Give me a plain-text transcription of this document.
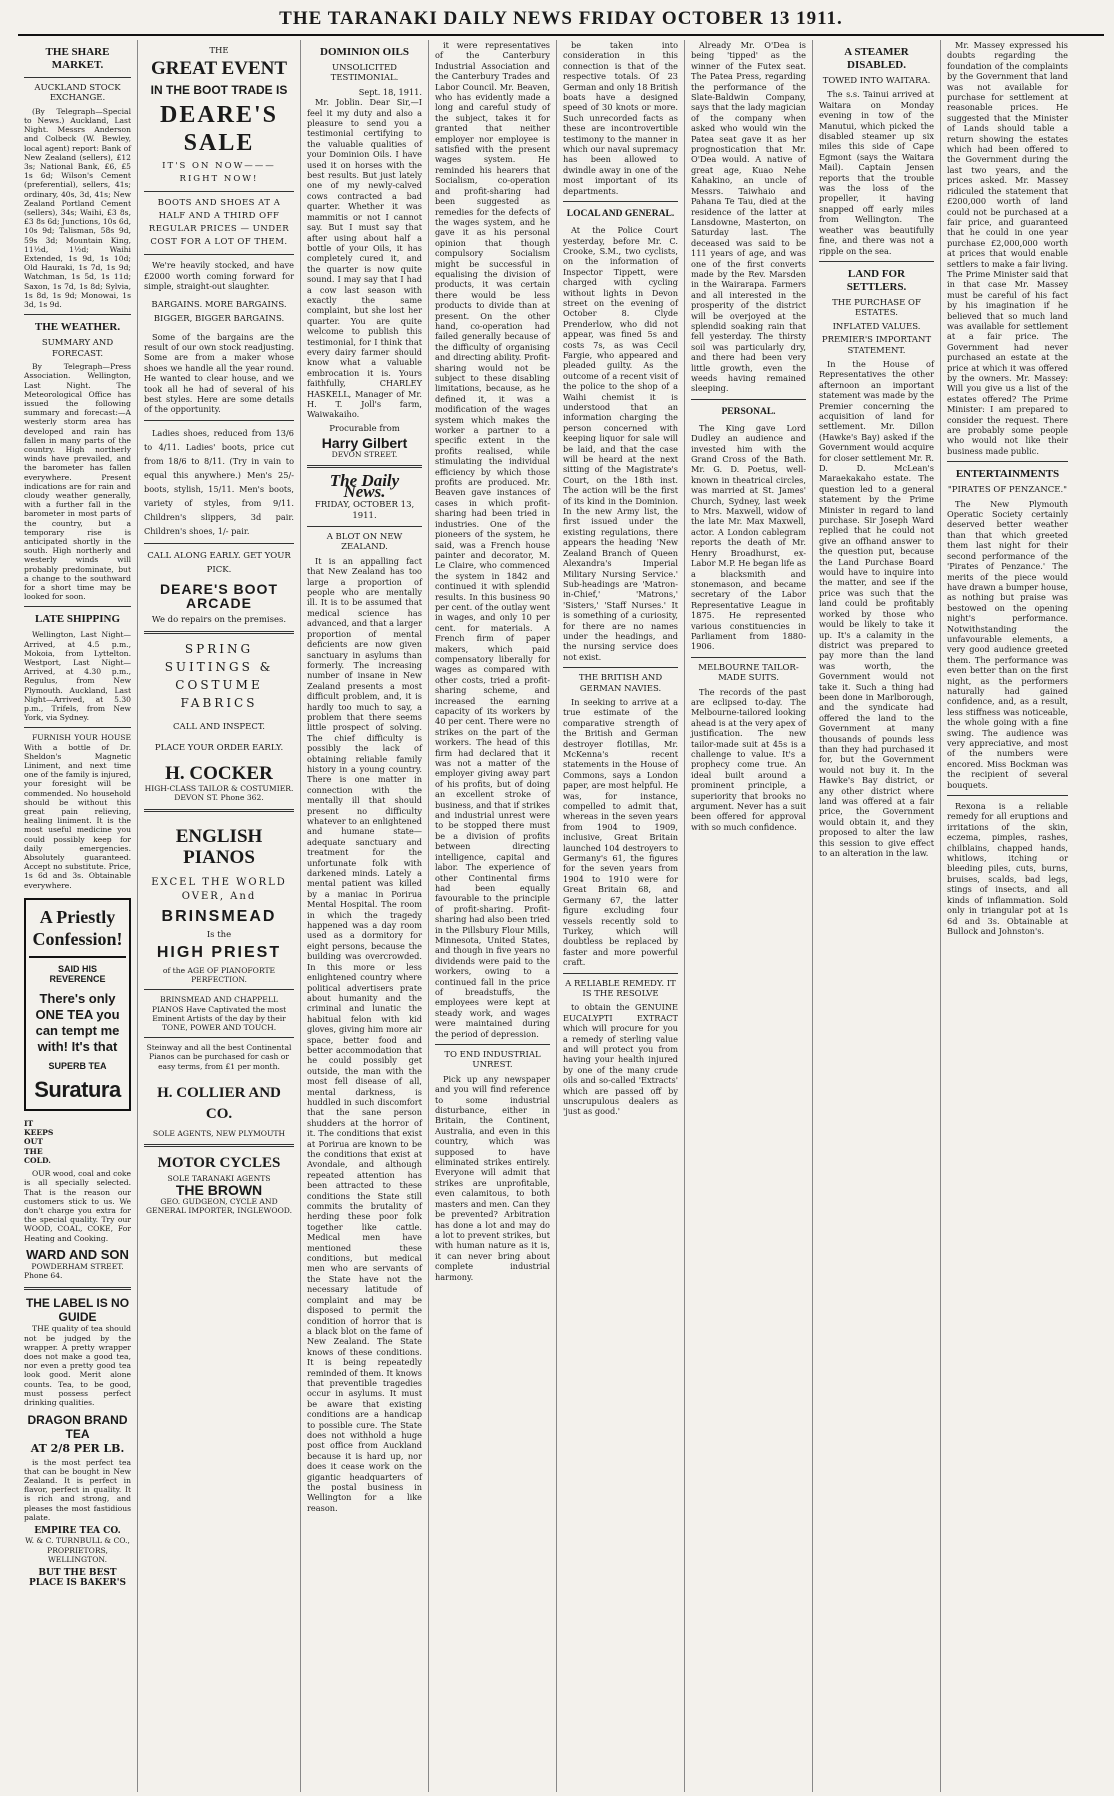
THE TARANAKI DAILY NEWS FRIDAY OCTOBER 13 1911.
THE SHARE MARKET.
AUCKLAND STOCK EXCHANGE.

(By Telegraph—Special to News.) Auckland, Last Night. Messrs Anderson and Colbeck (W. Bewley, local agent) report: Bank of New Zealand (sellers), £12 3s; National Bank, £6, £5 1s 6d; Wilson's Cement (preferential), sellers, 41s; ordinary, 40s, 3d, 41s; New Zealand Portland Cement (sellers), 34s; Waihi, £3 8s, £3 8s 6d; Junctions, 10s 6d, 10s 9d; Talisman, 58s 9d, 59s 3d; Mountain King, 11½d, 1½d; Waihi Extended, 1s 9d, 1s 10d; Old Hauraki, 1s 7d, 1s 9d; Watchman, 1s 5d, 1s 11d; Saxon, 1s 7d, 1s 8d; Sylvia, 1s 8d, 1s 9d; Monowai, 1s 3d, 1s 9d.

THE WEATHER.
SUMMARY AND FORECAST.

By Telegraph—Press Association. Wellington, Last Night. The Meteorological Office has issued the following summary and forecast:—A westerly storm area has developed and rain has fallen in many parts of the country. High northerly winds have prevailed, and the barometer has fallen everywhere. Present indications are for rain and cloudy weather generally, with a further fall in the barometer in most parts of the country, but a temporary rise is anticipated shortly in the south. High northerly and westerly winds will probably predominate, but a change to the southward for a short time may be looked for soon.

LATE SHIPPING

Wellington, Last Night—Arrived, at 4.5 p.m., Mokoia, from Lyttelton. Westport, Last Night—Arrived, at 4.30 p.m., Regulus, from New Plymouth. Auckland, Last Night—Arrived, at 5.30 p.m., Trifels, from New York, via Sydney.

FURNISH YOUR HOUSE With a bottle of Dr. Sheldon's Magnetic Liniment, and next time one of the family is injured, your foresight will be commended. No household should be without this great pain relieving, healing liniment. It is the most useful medicine you could possibly keep for daily emergencies. Absolutely guaranteed. Accept no substitute. Price, 1s 6d and 3s. Obtainable everywhere.

A Priestly Confession!
SAID HIS REVERENCE
There's only ONE TEA you can tempt me with! It's that
SUPERB TEA
Suratura
IT KEEPS OUT THE COLD.

OUR wood, coal and coke is all specially selected. That is the reason our customers stick to us. We don't charge you extra for the special quality. Try our WOOD, COAL, COKE, For Heating and Cooking.

WARD AND SON
POWDERHAM STREET.
Phone 64.
THE LABEL IS NO GUIDE

THE quality of tea should not be judged by the wrapper. A pretty wrapper does not make a good tea, nor even a pretty good tea look good. Merit alone counts. Tea, to be good, must possess perfect drinking qualities.

DRAGON BRAND TEA
AT 2/8 PER LB.

is the most perfect tea that can be bought in New Zealand. It is perfect in flavor, perfect in quality. It is rich and strong, and pleases the most fastidious palate.

EMPIRE TEA CO.
W. & C. TURNBULL & CO., PROPRIETORS, WELLINGTON.
BUT THE BEST PLACE IS BAKER'S
THE
GREAT EVENT
IN THE BOOT TRADE IS
DEARE'S
SALE
IT'S ON NOW———RIGHT NOW!
BOOTS AND SHOES AT A HALF AND A THIRD OFF REGULAR PRICES — UNDER COST FOR A LOT OF THEM.

We're heavily stocked, and have £2000 worth coming forward for simple, straight-out slaughter.

BARGAINS. MORE BARGAINS. BIGGER, BIGGER BARGAINS.

Some of the bargains are the result of our own stock readjusting. Some are from a maker whose shoes we handle all the year round. He wanted to clear house, and we took all he had of several of his best styles. Here are some details of the opportunity.

Ladies shoes, reduced from 13/6 to 4/11. Ladies' boots, price cut from 18/6 to 8/11. (Try in vain to equal this anywhere.) Men's 25/- boots, stylish, 15/11. Men's boots, variety of styles, from 9/11. Children's slippers, 3d pair. Children's shoes, 1/- pair.

CALL ALONG EARLY. GET YOUR PICK.
DEARE'S BOOT ARCADE
We do repairs on the premises.
SPRING SUITINGS & COSTUME FABRICS
CALL AND INSPECT.
PLACE YOUR ORDER EARLY.
H. COCKER
HIGH-CLASS TAILOR & COSTUMIER. DEVON ST. Phone 362.
ENGLISH PIANOS
EXCEL THE WORLD OVER, And
BRINSMEAD
Is the
HIGH PRIEST
of the AGE OF PIANOFORTE PERFECTION.
BRINSMEAD AND CHAPPELL PIANOS Have Captivated the most Eminent Artists of the day by their TONE, POWER AND TOUCH.
Steinway and all the best Continental Pianos can be purchased for cash or easy terms, from £1 per month.
H. COLLIER AND CO.
SOLE AGENTS, NEW PLYMOUTH
MOTOR CYCLES
SOLE TARANAKI AGENTS
THE BROWN
GEO. GUDGEON, CYCLE AND GENERAL IMPORTER, INGLEWOOD.
DOMINION OILS
UNSOLICITED TESTIMONIAL.
Sept. 18, 1911.

Mr. Joblin. Dear Sir,—I feel it my duty and also a pleasure to send you a testimonial certifying to the valuable qualities of your Dominion Oils. I have used it on horses with the best results. But just lately one of my newly-calved cows contracted a bad quarter. Whether it was mammitis or not I cannot say. But I must say that after using about half a bottle of your Oils, it has completely cured it, and the quarter is now quite sound. I may say that I had a cow last season with exactly the same complaint, but she lost her quarter. You are quite welcome to publish this testimonial, for I think that every dairy farmer should know what a valuable embrocation it is. Yours faithfully, CHARLEY HASKELL, Manager of Mr. H. T. Joll's farm, Waiwakaiho.

Procurable from
Harry Gilbert
DEVON STREET.
The Daily News.
FRIDAY, OCTOBER 13, 1911.
A BLOT ON NEW ZEALAND.

It is an appalling fact that New Zealand has too large a proportion of people who are mentally ill. It is to be assumed that medical science has advanced, and that a larger proportion of mental deficients are now given sanctuary in asylums than formerly. The increasing number of insane in New Zealand presents a most difficult problem, and, it is hardly too much to say, a problem that there seems little prospect of solving. The chief difficulty is possibly the lack of obtaining reliable family history in a young country. There is one matter in connection with the mentally ill that should present no difficulty whatever to an enlightened and humane state—adequate sanctuary and treatment for the unfortunate folk with darkened minds. Lately a mental patient was killed by a maniac in Porirua Mental Hospital. The room in which the tragedy happened was a day room used as a dormitory for eight persons, because the building was overcrowded. In this more or less enlightened country where political advertisers prate about humanity and the criminal and lunatic the habitual felon with kid gloves, giving him more air space, better food and better accommodation that he could possibly get outside, the man with the most fell disease of all, mental darkness, is huddled in such discomfort that the sane person shudders at the horror of it. The conditions that exist at Porirua are known to be the conditions that exist at Avondale, and although repeated attention has been attracted to these conditions the State still commits the brutality of herding these poor folk together like cattle. Medical men have mentioned these conditions, but medical men who are servants of the State have not the necessary latitude of complaint and may be disposed to permit the condition of horror that is a black blot on the fame of New Zealand. The State knows of these conditions. It is being repeatedly reminded of them. It knows that preventible tragedies occur in asylums. It must be aware that existing conditions are a handicap to possible cure. The State does not withhold a huge post office from Auckland because it is hard up, nor does it cease work on the gigantic headquarters of the postal business in Wellington for a like reason.

it were representatives of the Canterbury Industrial Association and the Canterbury Trades and Labor Council. Mr. Beaven, who has evidently made a long and careful study of the subject, takes it for granted that neither employer nor employee is satisfied with the present wages system. He reminded his hearers that Socialism, co-operation and profit-sharing had been suggested as remedies for the defects of the wages system, and he gave it as his personal opinion that though compulsory Socialism might be successful in equalising the division of products, it was certain there would be less products to divide than at present. On the other hand, co-operation had failed generally because of the difficulty of organising and directing ability. Profit-sharing would not be subject to these disabling limitations, because, as he defined it, it was a modification of the wages system which makes the worker a partner to a specific extent in the profits realised, while stimulating the individual efficiency by which those profits are produced. Mr. Beaven gave instances of cases in which profit-sharing had been tried in industries. One of the pioneers of the system, he said, was a French house painter and decorator, M. Le Claire, who commenced the system in 1842 and continued it with splendid results. In this business 90 per cent. of the outlay went in wages, and only 10 per cent. for materials. A French firm of paper makers, which paid compensatory liberally for wages as compared with other costs, tried a profit-sharing scheme, and increased the earning capacity of its workers by 40 per cent. There were no strikes on the part of the workers. The head of this firm had declared that it was not a matter of the employer giving away part of his profits, but of doing an excellent stroke of business, and that if strikes and industrial unrest were to be stopped there must be a division of profits between directing intelligence, capital and labor. The experience of other Continental firms had been equally favourable to the principle of profit-sharing. Profit-sharing had also been tried in the Pillsbury Flour Mills, Minnesota, United States, and though in five years no dividends were paid to the workers, owing to a continued fall in the price of breadstuffs, the employees were kept at steady work, and wages were maintained during the period of depression.

TO END INDUSTRIAL UNREST.

Pick up any newspaper and you will find reference to some industrial disturbance, either in Britain, the Continent, Australia, and even in this country, which was supposed to have eliminated strikes entirely. Everyone will admit that strikes are unprofitable, even calamitous, to both masters and men. Can they be prevented? Arbitration has done a lot and may do a lot to prevent strikes, but with human nature as it is, it can never bring about complete industrial harmony.

be taken into consideration in this connection is that of the respective totals. Of 23 German and only 18 British boats have a designed speed of 30 knots or more. Such unrecorded facts as these are incontrovertible testimony to the manner in which our naval supremacy has been allowed to dwindle away in one of the most important of its departments.

LOCAL AND GENERAL.

At the Police Court yesterday, before Mr. C. Crooke, S.M., two cyclists, on the information of Inspector Tippett, were charged with cycling without lights in Devon street on the evening of October 8. Clyde Prenderlow, who did not appear, was fined 5s and costs 7s, as was Cecil Fargie, who appeared and pleaded guilty. As the outcome of a recent visit of the police to the shop of a Waihi chemist it is understood that an information charging the person concerned with keeping liquor for sale will be laid, and that the case will be heard at the next sitting of the Magistrate's Court, on the 18th inst. The action will be the first of its kind in the Dominion. In the new Army list, the first issued under the existing regulations, there appears the heading 'New Zealand Branch of Queen Alexandra's Imperial Military Nursing Service.' Sub-headings are 'Matron-in-Chief,' 'Matrons,' 'Sisters,' 'Staff Nurses.' It is something of a curiosity, for there are no names under the headings, and the nursing service does not exist.

THE BRITISH AND GERMAN NAVIES.

In seeking to arrive at a true estimate of the comparative strength of the British and German destroyer flotillas, Mr. McKenna's recent statements in the House of Commons, says a London paper, are most helpful. He was, for instance, compelled to admit that, whereas in the seven years from 1904 to 1909, inclusive, Great Britain launched 104 destroyers to Germany's 61, the figures for the seven years from 1904 to 1910 were for Great Britain 68, and Germany 67, the latter figure excluding four vessels recently sold to Turkey, which will doubtless be replaced by faster and more powerful craft.

A RELIABLE REMEDY. IT IS THE RESOLVE

to obtain the GENUINE EUCALYPTI EXTRACT which will procure for you a remedy of sterling value and will protect you from having your health injured by one of the many crude oils and so-called 'Extracts' which are passed off by unscrupulous dealers as 'just as good.'

Already Mr. O'Dea is being 'tipped' as the winner of the Futex seat. The Patea Press, regarding the performance of the Slate-Baldwin Company, says that the lady magician of the company when asked who would win the Patea seat gave it as her prognostication that Mr. O'Dea would. A native of great age, Kuao Nehe Kahakino, an uncle of Messrs. Taiwhaio and Pahana Te Tau, died at the residence of the latter at Lansdowne, Masterton, on Saturday last. The deceased was said to be 111 years of age, and was one of the first converts made by the Rev. Marsden in the Wairarapa. Farmers and all interested in the prosperity of the district will be overjoyed at the splendid soaking rain that fell yesterday. The thirsty soil was particularly dry, and there had been very little growth, even the weeds having remained sleeping.

PERSONAL.

The King gave Lord Dudley an audience and invested him with the Grand Cross of the Bath. Mr. G. D. Poetus, well-known in theatrical circles, was married at St. James' Church, Sydney, last week to Mrs. Maxwell, widow of the late Mr. Max Maxwell, actor. A London cablegram reports the death of Mr. Henry Broadhurst, ex-Labor M.P. He began life as a blacksmith and stonemason, and became secretary of the Labor Representative League in 1875. He represented various constituencies in Parliament from 1880-1906.

MELBOURNE TAILOR-MADE SUITS.

The records of the past are eclipsed to-day. The Melbourne-tailored looking ahead is at the very apex of justification. The new tailor-made suit at 45s is a challenge to value. It's a prophecy come true. An ideal built around a prominent principle, a superiority that brooks no argument. Never has a suit been offered for approval with so much confidence.

A STEAMER DISABLED.
TOWED INTO WAITARA.

The s.s. Tainui arrived at Waitara on Monday evening in tow of the Manutui, which picked the disabled steamer up six miles this side of Cape Egmont (says the Waitara Mail). Captain Jensen reports that the trouble was the loss of the propeller, it having snapped off early miles from Wellington. The weather was beautifully fine, and there was not a ripple on the sea.

LAND FOR SETTLERS.
THE PURCHASE OF ESTATES.
INFLATED VALUES.
PREMIER'S IMPORTANT STATEMENT.

In the House of Representatives the other afternoon an important statement was made by the Premier concerning the acquisition of land for settlement. Mr. Dillon (Hawke's Bay) asked if the Government would acquire for closer settlement Mr. R. D. D. McLean's Maraekakaho estate. The question led to a general statement by the Prime Minister in regard to land purchase. Sir Joseph Ward replied that he could not give an offhand answer to the question put, because the Land Purchase Board would have to inquire into the matter, and see if the price was such that the land could be profitably worked by those who would be likely to take it up. It's a calamity in the district was prepared to pay more than the land was worth, the Government would not take it. Such a thing had been done in Marlborough, and the syndicate had offered the land to the Government at many thousands of pounds less than they had purchased it for, but the Government would not buy it. In the Hawke's Bay district, or any other district where land was offered at a fair price, the Government would obtain it, and they proposed to alter the law this session to give effect to an alteration in the law.

Mr. Massey expressed his doubts regarding the foundation of the complaints by the Government that land was not available for purchase for settlement at reasonable prices. He suggested that the Minister of Lands should table a return showing the estates which had been offered to the Government during the last two years, and the prices asked. Mr. Massey ridiculed the statement that £200,000 worth of land could not be purchased at a fair price, and guaranteed that he could in one year purchase £2,000,000 worth at prices that would enable settlers to make a fair living. The Prime Minister said that in that case Mr. Massey must be careful of his fact by his imagination if he believed that so much land was available for settlement at a fair price. The Government had never purchased an estate at the price at which it was offered by the owners. Mr. Massey: Will you give us a list of the estates offered? The Prime Minister: I am prepared to consider the request. There are probably some people who would not like their business made public.

ENTERTAINMENTS
"PIRATES OF PENZANCE."

The New Plymouth Operatic Society certainly deserved better weather than that which greeted them last night for their second performance of the 'Pirates of Penzance.' The merits of the piece would have drawn a bumper house, as nothing but praise was bestowed on the opening night's performance. Notwithstanding the unfavourable elements, a very good audience greeted them. The performance was even better than on the first night, as the performers naturally had gained confidence, and, as a result, less stiffness was noticeable, the whole going with a fine swing. The audience was very appreciative, and most of the numbers were encored. Miss Bockman was the recipient of several bouquets.

Rexona is a reliable remedy for all eruptions and irritations of the skin, eczema, pimples, rashes, chilblains, chapped hands, whitlows, itching or bleeding piles, cuts, burns, bruises, scalds, bad legs, stings of insects, and all kinds of inflammation. Sold only in triangular pot at 1s 6d and 3s. Obtainable at Bullock and Johnston's.
